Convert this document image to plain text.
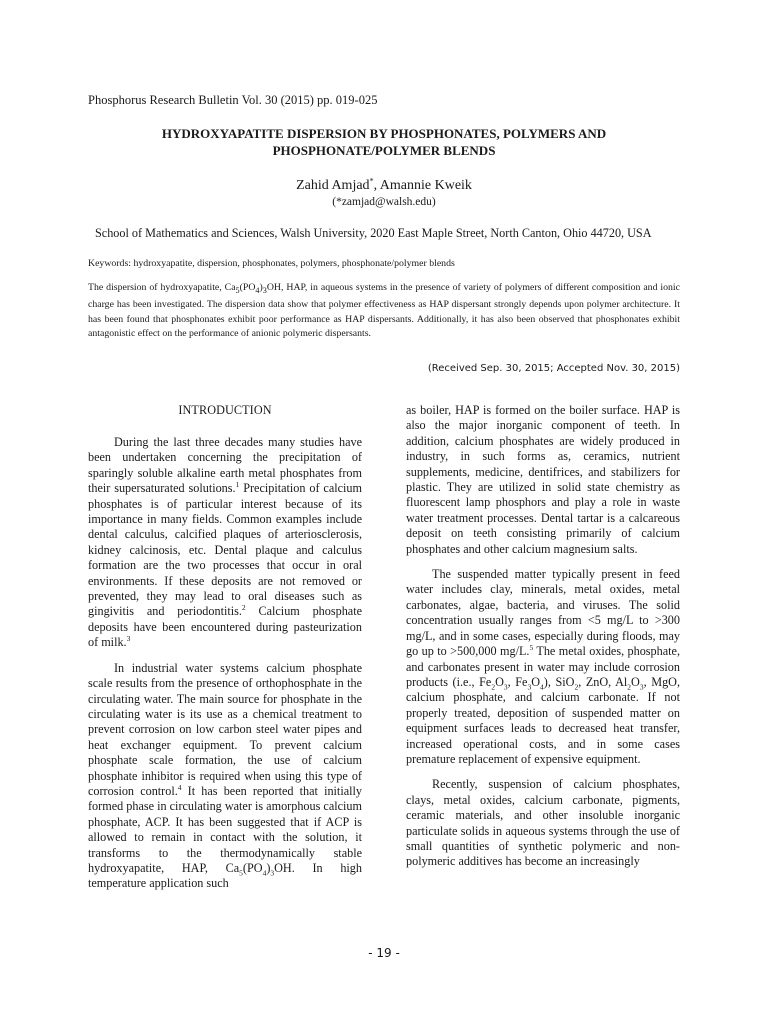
Phosphorus Research Bulletin Vol. 30 (2015) pp. 019-025
HYDROXYAPATITE DISPERSION BY PHOSPHONATES, POLYMERS AND
PHOSPHONATE/POLYMER BLENDS
Zahid Amjad*, Amannie Kweik
(*zamjad@walsh.edu)
School of Mathematics and Sciences, Walsh University, 2020 East Maple Street, North Canton, Ohio 44720, USA
Keywords: hydroxyapatite, dispersion, phosphonates, polymers, phosphonate/polymer blends

The dispersion of hydroxyapatite, $Ca_5(PO_4)_3OH$, HAP, in aqueous systems in the presence of variety of polymers of different composition and ionic charge has been investigated. The dispersion data show that polymer effectiveness as HAP dispersant strongly depends upon polymer architecture. It has been found that phosphonates exhibit poor performance as HAP dispersants. Additionally, it has also been observed that phosphonates exhibit antagonistic effect on the performance of anionic polymeric dispersants.

(Received Sep. 30, 2015; Accepted Nov. 30, 2015)
INTRODUCTION

During the last three decades many studies have been undertaken concerning the precipitation of sparingly soluble alkaline earth metal phosphates from their supersaturated solutions.$^1$ Precipitation of calcium phosphates is of particular interest because of its importance in many fields. Common examples include dental calculus, calcified plaques of arteriosclerosis, kidney calcinosis, etc. Dental plaque and calculus formation are the two processes that occur in oral environments. If these deposits are not removed or prevented, they may lead to oral diseases such as gingivitis and periodontitis.$^2$ Calcium phosphate deposits have been encountered during pasteurization of milk.$^3$

In industrial water systems calcium phosphate scale results from the presence of orthophosphate in the circulating water. The main source for phosphate in the circulating water is its use as a chemical treatment to prevent corrosion on low carbon steel water pipes and heat exchanger equipment. To prevent calcium phosphate scale formation, the use of calcium phosphate inhibitor is required when using this type of corrosion control.$^4$ It has been reported that initially formed phase in circulating water is amorphous calcium phosphate, ACP. It has been suggested that if ACP is allowed to remain in contact with the solution, it transforms to the thermodynamically stable hydroxyapatite, HAP, $Ca_5(PO_4)_3OH$. In high temperature application such

as boiler, HAP is formed on the boiler surface. HAP is also the major inorganic component of teeth. In addition, calcium phosphates are widely produced in industry, in such forms as, ceramics, nutrient supplements, medicine, dentifrices, and stabilizers for plastic. They are utilized in solid state chemistry as fluorescent lamp phosphors and play a role in waste water treatment processes. Dental tartar is a calcareous deposit on teeth consisting primarily of calcium phosphates and other calcium magnesium salts.

The suspended matter typically present in feed water includes clay, minerals, metal oxides, metal carbonates, algae, bacteria, and viruses. The solid concentration usually ranges from <5 mg/L to >300 mg/L, and in some cases, especially during floods, may go up to >500,000 mg/L.$^5$ The metal oxides, phosphate, and carbonates present in water may include corrosion products (i.e., $Fe_2O_3$, $Fe_3O_4$), SiO$_2$, ZnO, $Al_2O_3$, MgO, calcium phosphate, and calcium carbonate. If not properly treated, deposition of suspended matter on equipment surfaces leads to decreased heat transfer, increased operational costs, and in some cases premature replacement of expensive equipment.

Recently, suspension of calcium phosphates, clays, metal oxides, calcium carbonate, pigments, ceramic materials, and other insoluble inorganic particulate solids in aqueous systems through the use of small quantities of synthetic polymeric and non-polymeric additives has become an increasingly

- 19 -
